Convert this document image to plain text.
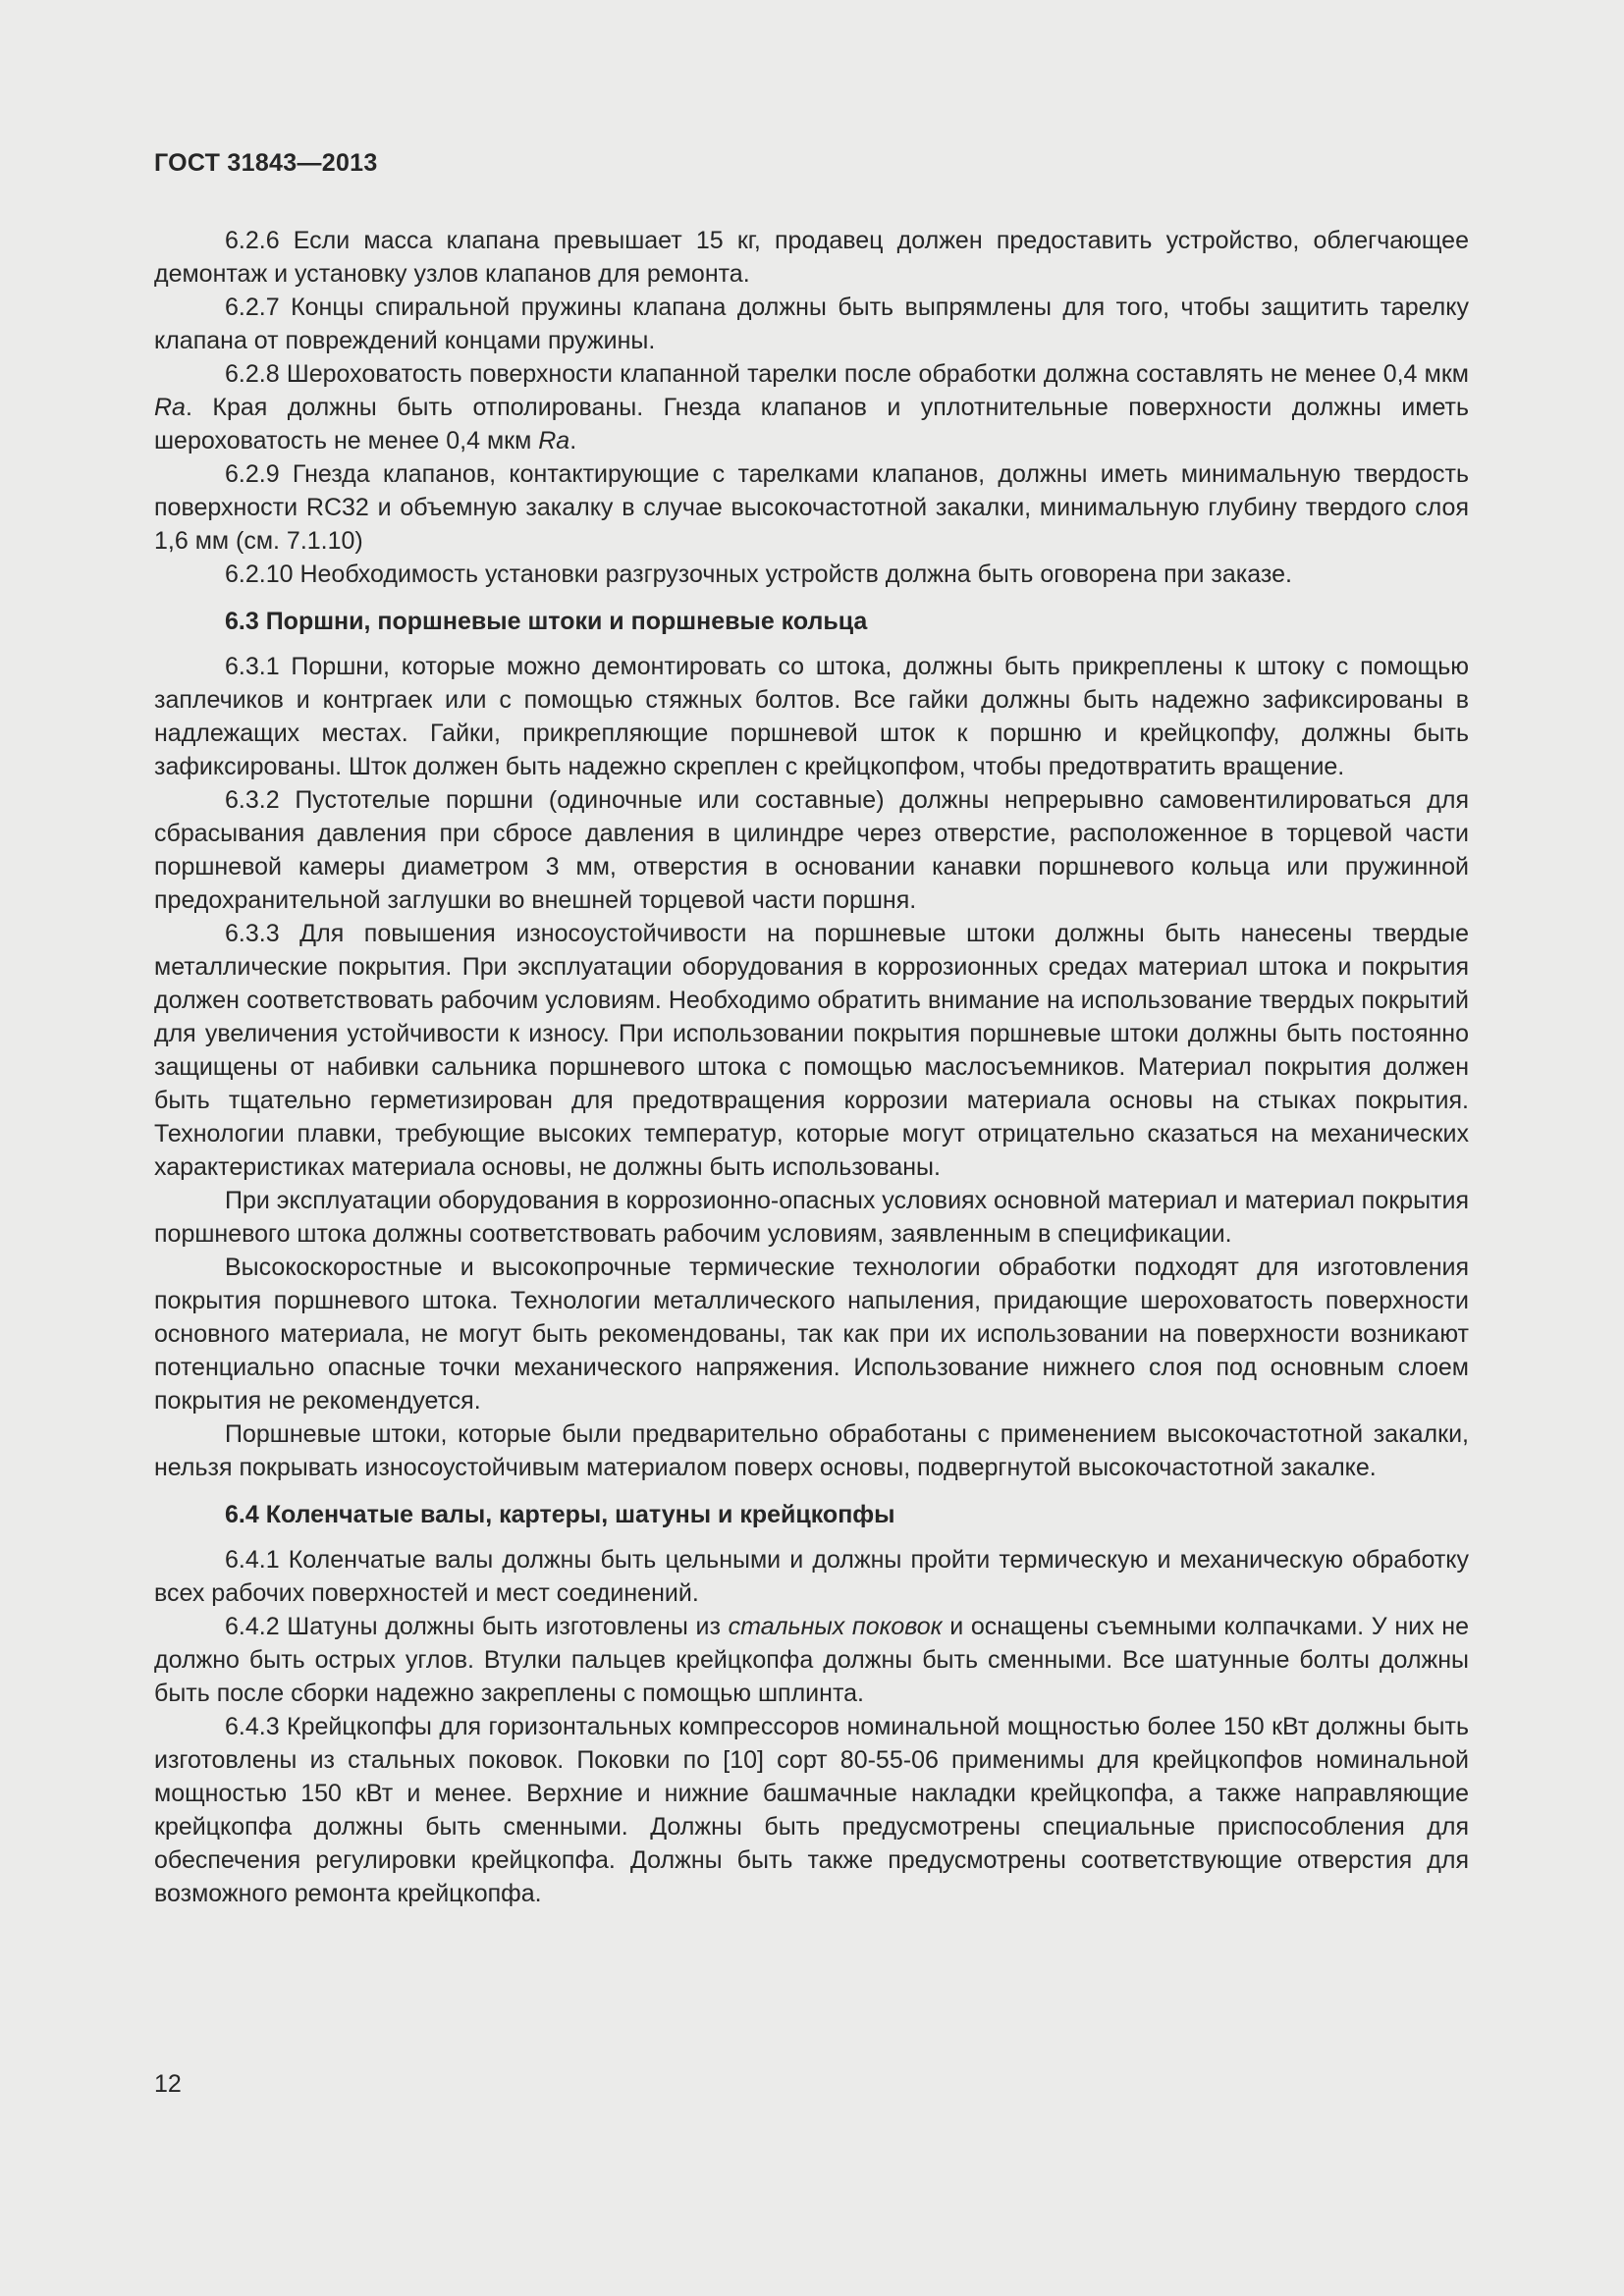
ГОСТ 31843—2013

6.2.6 Если масса клапана превышает 15 кг, продавец должен предоставить устройство, облегчающее демонтаж и установку узлов клапанов для ремонта.

6.2.7 Концы спиральной пружины клапана должны быть выпрямлены для того, чтобы защитить тарелку клапана от повреждений концами пружины.

6.2.8 Шероховатость поверхности клапанной тарелки после обработки должна составлять не менее 0,4 мкм Ra. Края должны быть отполированы. Гнезда клапанов и уплотнительные поверхности должны иметь шероховатость не менее 0,4 мкм Ra.

6.2.9 Гнезда клапанов, контактирующие с тарелками клапанов, должны иметь минимальную твердость поверхности RC32 и объемную закалку в случае высокочастотной закалки, минимальную глубину твердого слоя 1,6 мм (см. 7.1.10)

6.2.10 Необходимость установки разгрузочных устройств должна быть оговорена при заказе.

6.3 Поршни, поршневые штоки и поршневые кольца

6.3.1 Поршни, которые можно демонтировать со штока, должны быть прикреплены к штоку с помощью заплечиков и контргаек или с помощью стяжных болтов. Все гайки должны быть надежно зафиксированы в надлежащих местах. Гайки, прикрепляющие поршневой шток к поршню и крейцкопфу, должны быть зафиксированы. Шток должен быть надежно скреплен с крейцкопфом, чтобы предотвратить вращение.

6.3.2 Пустотелые поршни (одиночные или составные) должны непрерывно самовентилироваться для сбрасывания давления при сбросе давления в цилиндре через отверстие, расположенное в торцевой части поршневой камеры диаметром 3 мм, отверстия в основании канавки поршневого кольца или пружинной предохранительной заглушки во внешней торцевой части поршня.

6.3.3 Для повышения износоустойчивости на поршневые штоки должны быть нанесены твердые металлические покрытия. При эксплуатации оборудования в коррозионных средах материал штока и покрытия должен соответствовать рабочим условиям. Необходимо обратить внимание на использование твердых покрытий для увеличения устойчивости к износу. При использовании покрытия поршневые штоки должны быть постоянно защищены от набивки сальника поршневого штока с помощью маслосъемников. Материал покрытия должен быть тщательно герметизирован для предотвращения коррозии материала основы на стыках покрытия. Технологии плавки, требующие высоких температур, которые могут отрицательно сказаться на механических характеристиках материала основы, не должны быть использованы.

При эксплуатации оборудования в коррозионно-опасных условиях основной материал и материал покрытия поршневого штока должны соответствовать рабочим условиям, заявленным в спецификации.

Высокоскоростные и высокопрочные термические технологии обработки подходят для изготовления покрытия поршневого штока. Технологии металлического напыления, придающие шероховатость поверхности основного материала, не могут быть рекомендованы, так как при их использовании на поверхности возникают потенциально опасные точки механического напряжения. Использование нижнего слоя под основным слоем покрытия не рекомендуется.

Поршневые штоки, которые были предварительно обработаны с применением высокочастотной закалки, нельзя покрывать износоустойчивым материалом поверх основы, подвергнутой высокочастотной закалке.

6.4 Коленчатые валы, картеры, шатуны и крейцкопфы

6.4.1 Коленчатые валы должны быть цельными и должны пройти термическую и механическую обработку всех рабочих поверхностей и мест соединений.

6.4.2 Шатуны должны быть изготовлены из стальных поковок и оснащены съемными колпачками. У них не должно быть острых углов. Втулки пальцев крейцкопфа должны быть сменными. Все шатунные болты должны быть после сборки надежно закреплены с помощью шплинта.

6.4.3 Крейцкопфы для горизонтальных компрессоров номинальной мощностью более 150 кВт должны быть изготовлены из стальных поковок. Поковки по [10] сорт 80-55-06 применимы для крейцкопфов номинальной мощностью 150 кВт и менее. Верхние и нижние башмачные накладки крейцкопфа, а также направляющие крейцкопфа должны быть сменными. Должны быть предусмотрены специальные приспособления для обеспечения регулировки крейцкопфа. Должны быть также предусмотрены соответствующие отверстия для возможного ремонта крейцкопфа.

12
